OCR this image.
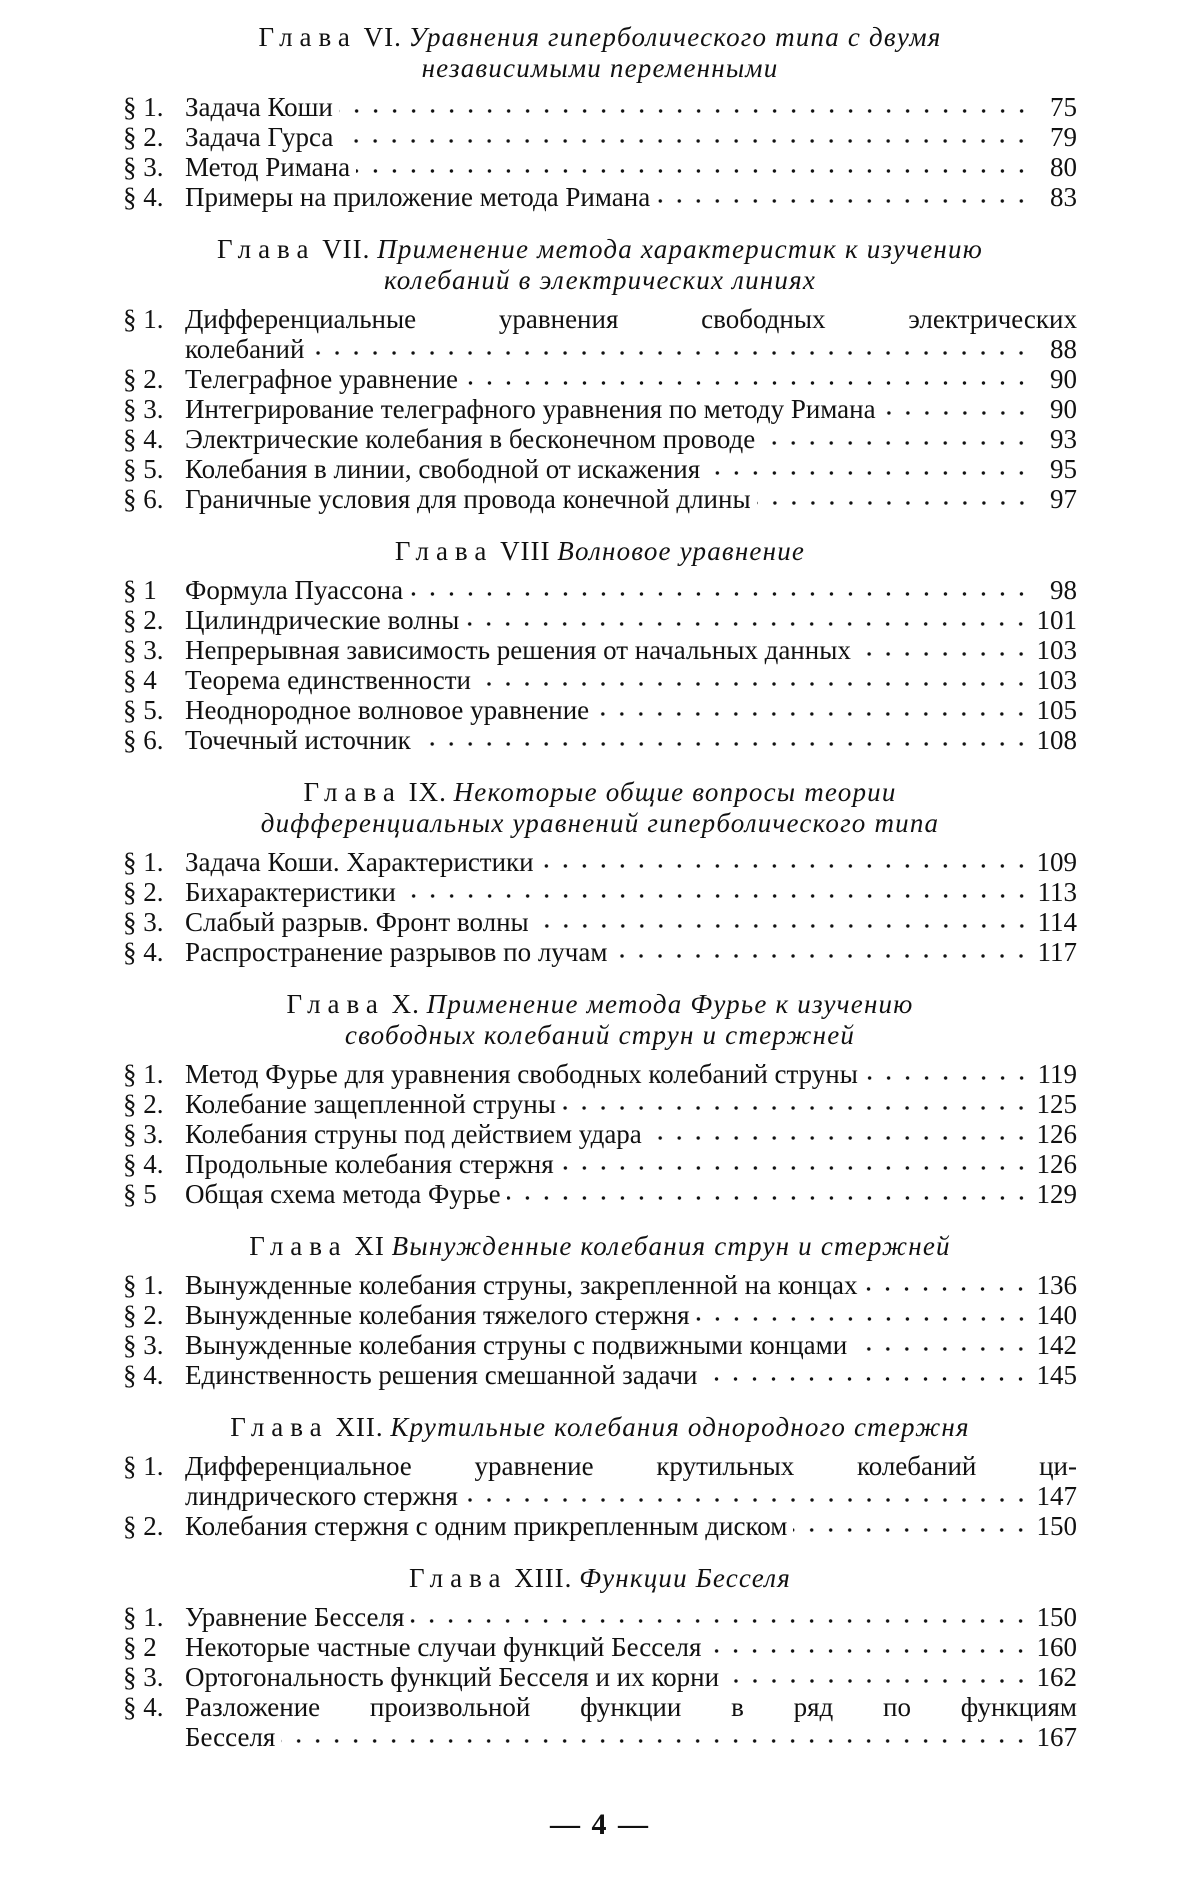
Глава VI. Уравнения гиперболического типа с двумя
независимыми переменными
§ 1. Задача Коши	75
§ 2. Задача Гурса	79
§ 3. Метод Римана	80
§ 4. Примеры на приложение метода Римана	83
Глава VII. Применение метода характеристик к изучению
колебаний в электрических линиях
§ 1. Дифференциальные уравнения свободных электрических
колебаний	88
§ 2. Телеграфное уравнение	90
§ 3. Интегрирование телеграфного уравнения по методу Римана	90
§ 4. Электрические колебания в бесконечном проводе	93
§ 5. Колебания в линии, свободной от искажения	95
§ 6. Граничные условия для провода конечной длины	97
Глава VIII Волновое уравнение
§ 1	Формула Пуассона	98
§ 2. Цилиндрические волны	101
§ 3. Непрерывная зависимость решения от начальных данных	103
§ 4	Теорема единственности	103
§ 5. Неоднородное волновое уравнение	105
§ 6. Точечный источник	108
Глава IX. Некоторые общие вопросы теории
дифференциальных уравнений гиперболического типа
§ 1. Задача Коши. Характеристики	109
§ 2. Бихарактеристики	113
§ 3. Слабый разрыв. Фронт волны	114
§ 4. Распространение разрывов по лучам	117
Глава X. Применение метода Фурье к изучению
свободных колебаний струн и стержней
§ 1. Метод Фурье для уравнения свободных колебаний струны	119
§ 2. Колебание защепленной струны	125
§ 3. Колебания струны под действием удара	126
§ 4. Продольные колебания стержня	126
§ 5	Общая схема метода Фурье	129
Глава XI Вынужденные колебания струн и стержней
§ 1. Вынужденные колебания струны, закрепленной на концах	136
§ 2. Вынужденные колебания тяжелого стержня	140
§ 3. Вынужденные колебания струны с подвижными концами	142
§ 4. Единственность решения смешанной задачи	145
Глава XII. Крутильные колебания однородного стержня
§ 1. Дифференциальное уравнение крутильных колебаний ци-
линдрического стержня	147
§ 2. Колебания стержня с одним прикрепленным диском	150
Глава XIII. Функции Бесселя
§ 1. Уравнение Бесселя	150
§ 2	Некоторые частные случаи функций Бесселя	160
§ 3. Ортогональность функций Бесселя и их корни	162
§ 4. Разложение произвольной функции в ряд по функциям
Бесселя	167
— 4 —
